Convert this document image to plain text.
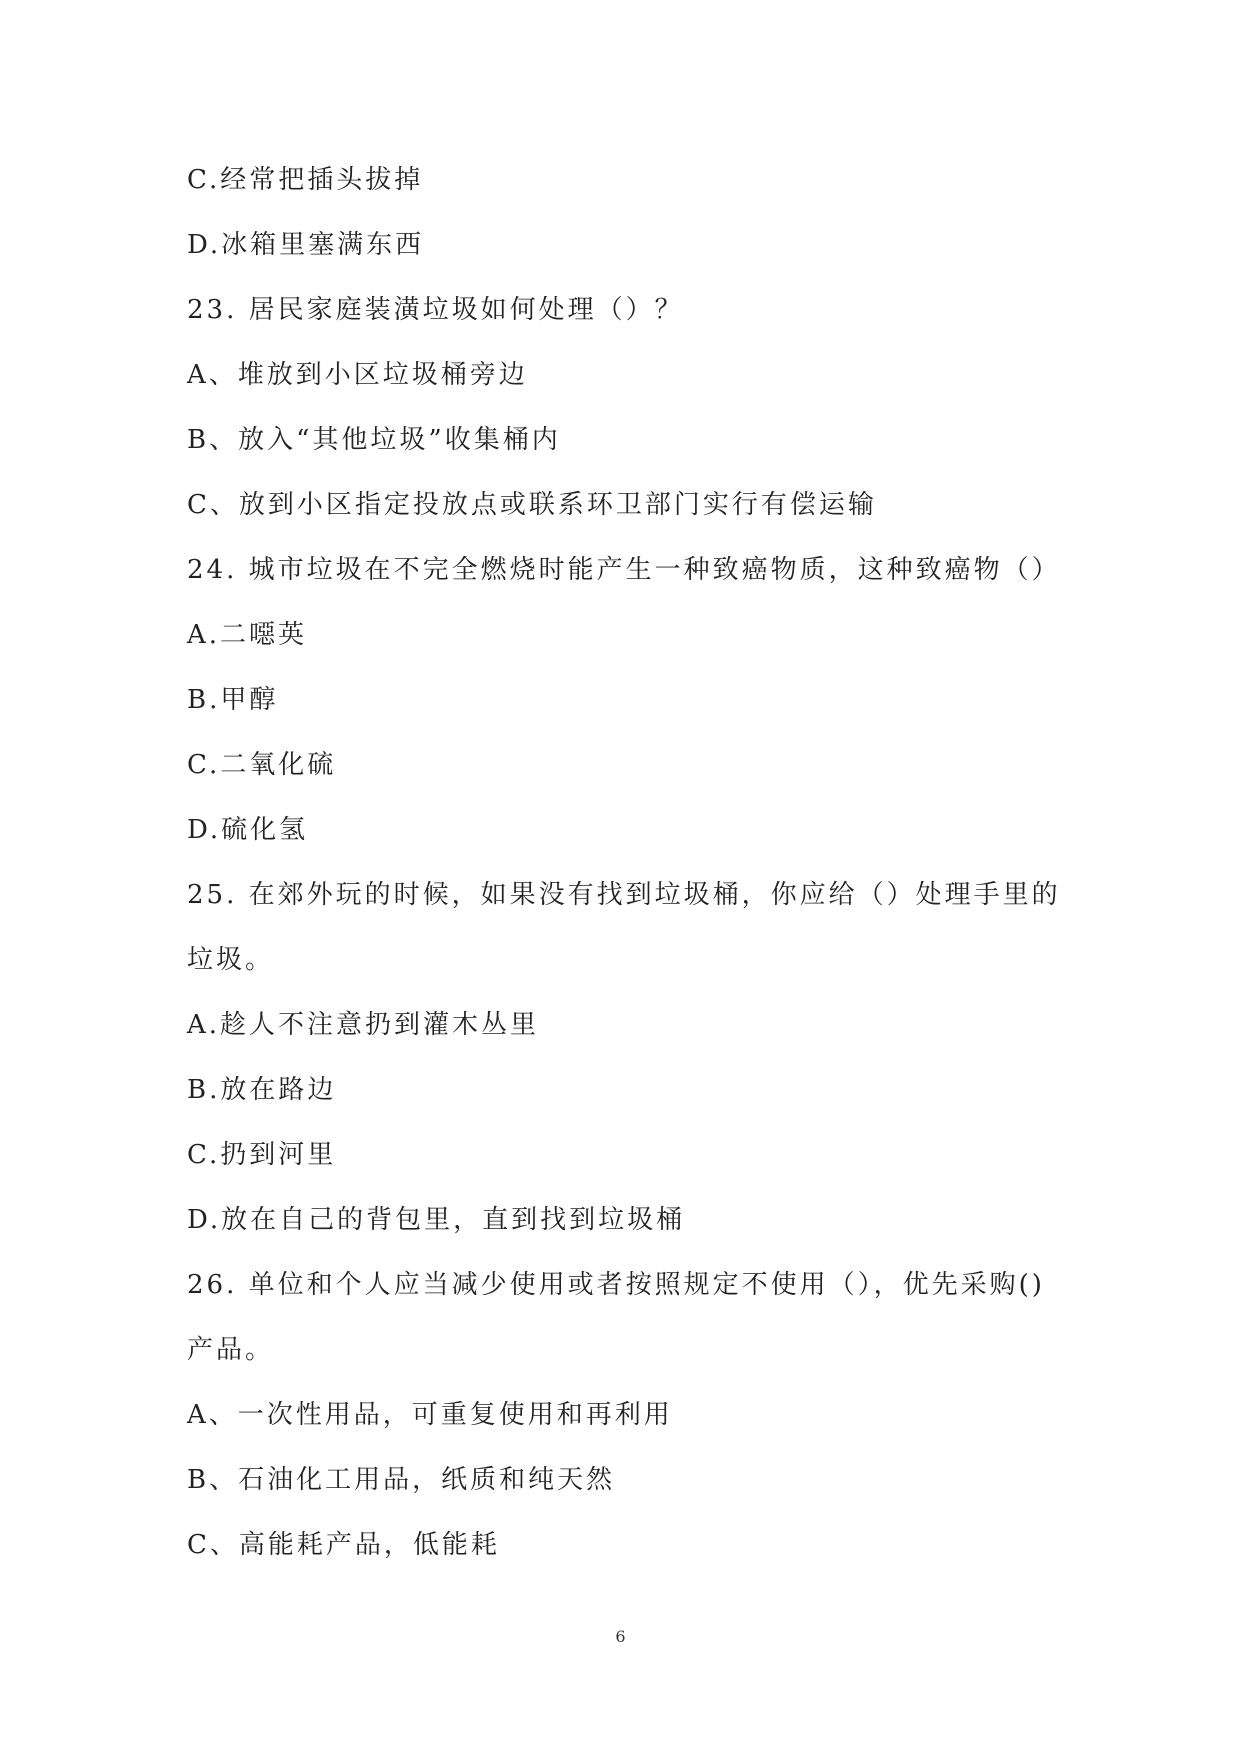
C.经常把插头拔掉
D.冰箱里塞满东西
23. 居民家庭装潢垃圾如何处理（）？
A、堆放到小区垃圾桶旁边
B、放入“其他垃圾”收集桶内
C、放到小区指定投放点或联系环卫部门实行有偿运输
24. 城市垃圾在不完全燃烧时能产生一种致癌物质，这种致癌物（）
A.二噁英
B.甲醇
C.二氧化硫
D.硫化氢
25. 在郊外玩的时候，如果没有找到垃圾桶，你应给（）处理手里的
垃圾。
A.趁人不注意扔到灌木丛里
B.放在路边
C.扔到河里
D.放在自己的背包里，直到找到垃圾桶
26. 单位和个人应当减少使用或者按照规定不使用（），优先采购()
产品。
A、一次性用品，可重复使用和再利用
B、石油化工用品，纸质和纯天然
C、高能耗产品，低能耗
6
